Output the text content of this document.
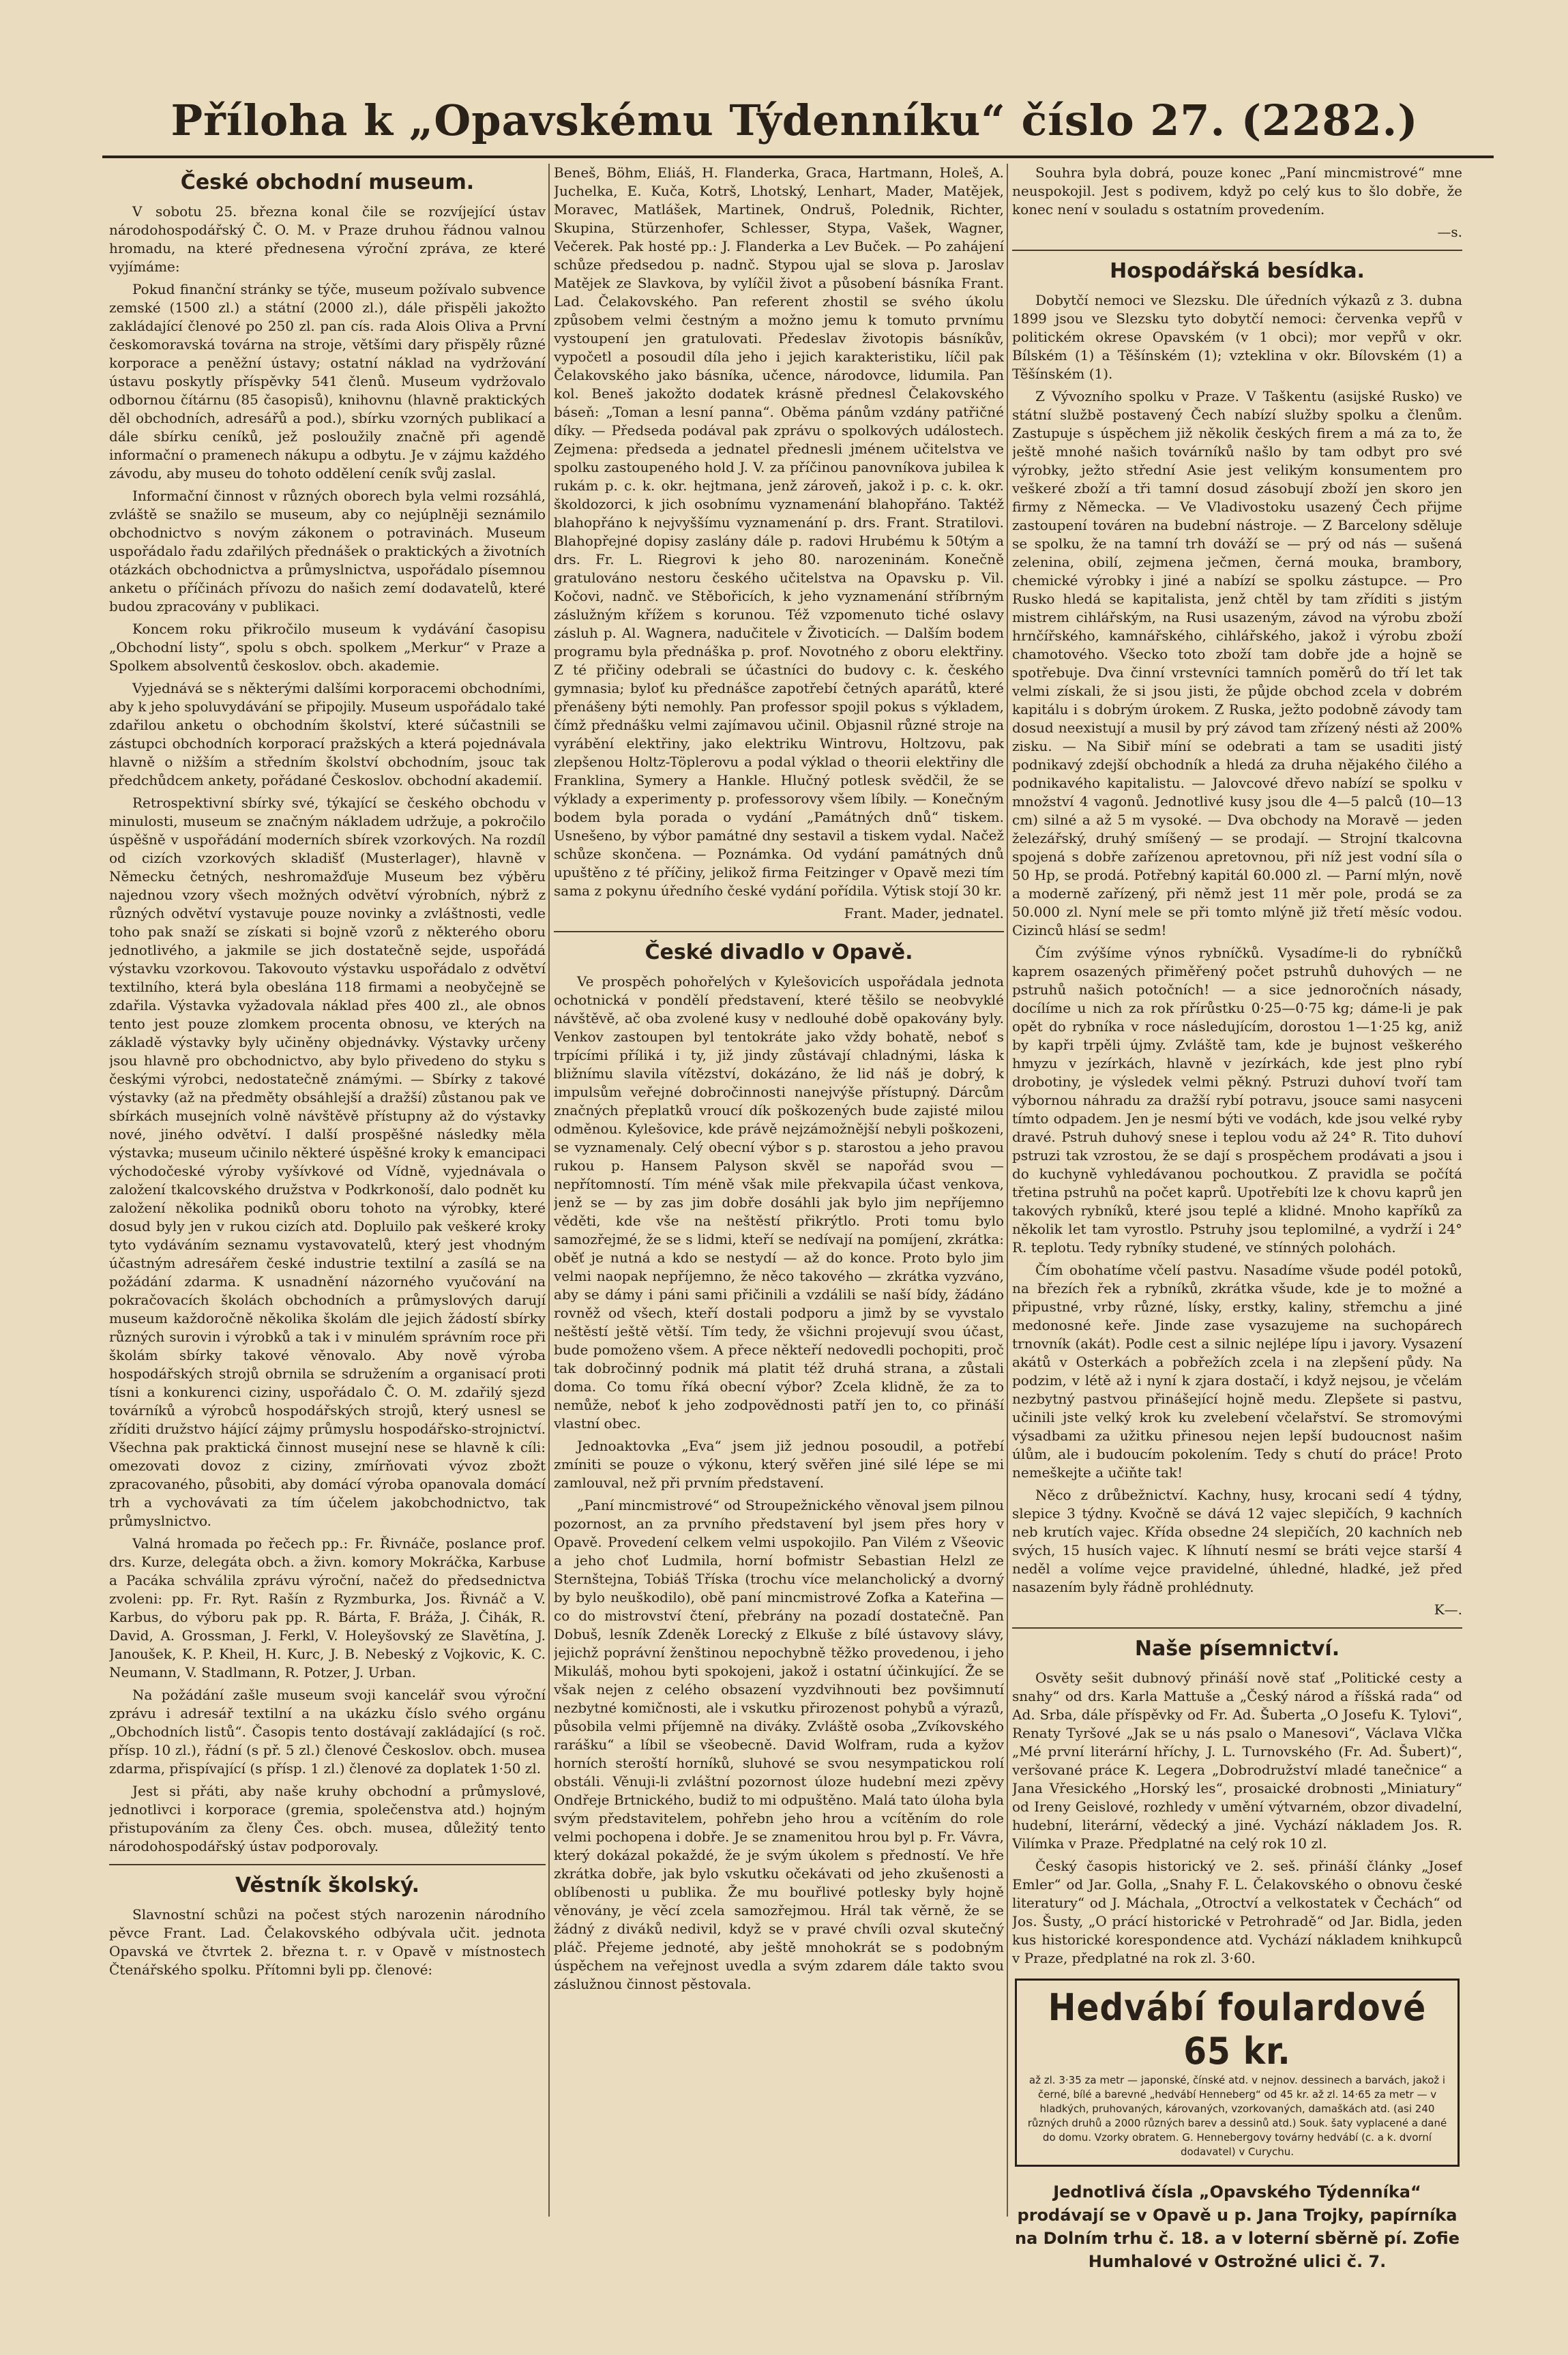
Příloha k „Opavskému Týdenníku“ číslo 27. (2282.)
České obchodní museum.

V sobotu 25. března konal čile se rozvíjející ústav národohospodářský Č. O. M. v Praze druhou řádnou valnou hromadu, na které přednesena výroční zpráva, ze které vyjímáme:

Pokud finanční stránky se týče, museum požívalo subvence zemské (1500 zl.) a státní (2000 zl.), dále přispěli jakožto zakládající členové po 250 zl. pan cís. rada Alois Oliva a První českomoravská továrna na stroje, většími dary přispěly různé korporace a peněžní ústavy; ostatní náklad na vydržování ústavu poskytly příspěvky 541 členů. Museum vydržovalo odbornou čítárnu (85 časopisů), knihovnu (hlavně praktických děl obchodních, adresářů a pod.), sbírku vzorných publikací a dále sbírku ceníků, jež posloužily značně při agendě informační o pramenech nákupu a odbytu. Je v zájmu každého závodu, aby museu do tohoto oddělení ceník svůj zaslal.

Informační činnost v různých oborech byla velmi rozsáhlá, zvláště se snažilo se museum, aby co nejúplněji seznámilo obchodnictvo s novým zákonem o potravinách. Museum uspořádalo řadu zdařilých přednášek o praktických a životních otázkách obchodnictva a průmyslnictva, uspořádalo písemnou anketu o příčinách přívozu do našich zemí dodavatelů, které budou zpracovány v publikaci.

Koncem roku přikročilo museum k vydávání časopisu „Obchodní listy“, spolu s obch. spolkem „Merkur“ v Praze a Spolkem absolventů českoslov. obch. akademie.

Vyjednává se s některými dalšími korporacemi obchodními, aby k jeho spoluvydávání se připojily. Museum uspořádalo také zdařilou anketu o obchodním školství, které súčastnili se zástupci obchodních korporací pražských a která pojednávala hlavně o nižším a středním školství obchodním, jsouc tak předchůdcem ankety, pořádané Českoslov. obchodní akademií.

Retrospektivní sbírky své, týkající se českého obchodu v minulosti, museum se značným nákladem udržuje, a pokročilo úspěšně v uspořádání moderních sbírek vzorkových. Na rozdíl od cizích vzorkových skladišť (Musterlager), hlavně v Německu četných, neshromažďuje Museum bez výběru najednou vzory všech možných odvětví výrobních, nýbrž z různých odvětví vystavuje pouze novinky a zvláštnosti, vedle toho pak snaží se získati si bojně vzorů z některého oboru jednotlivého, a jakmile se jich dostatečně sejde, uspořádá výstavku vzorkovou. Takovouto výstavku uspořádalo z odvětví textilního, která byla obeslána 118 firmami a neobyčejně se zdařila. Výstavka vyžadovala náklad přes 400 zl., ale obnos tento jest pouze zlomkem procenta obnosu, ve kterých na základě výstavky byly učiněny objednávky. Výstavky určeny jsou hlavně pro obchodnictvo, aby bylo přivedeno do styku s českými výrobci, nedostatečně známými. — Sbírky z takové výstavky (až na předměty obsáhlejší a dražší) zůstanou pak ve sbírkách musejních volně návštěvě přístupny až do výstavky nové, jiného odvětví. I další prospěšné následky měla výstavka; museum učinilo některé úspěšné kroky k emancipaci východočeské výroby vyšívkové od Vídně, vyjednávala o založení tkalcovského družstva v Podkrkonoší, dalo podnět ku založení několika podniků oboru tohoto na výrobky, které dosud byly jen v rukou cizích atd. Dopluilo pak veškeré kroky tyto vydáváním seznamu vystavovatelů, který jest vhodným účastným adresářem české industrie textilní a zasílá se na požádání zdarma. K usnadnění názorného vyučování na pokračovacích školách obchodních a průmyslových darují museum každoročně několika školám dle jejich žádostí sbírky různých surovin i výrobků a tak i v minulém správním roce při školám sbírky takové věnovalo. Aby nově výroba hospodářských strojů obrnila se sdružením a organisací proti tísni a konkurenci ciziny, uspořádalo Č. O. M. zdařilý sjezd továrníků a výrobců hospodářských strojů, který usnesl se zříditi družstvo hájící zájmy průmyslu hospodářsko-strojnictví. Všechna pak praktická činnost musejní nese se hlavně k cíli: omezovati dovoz z ciziny, zmírňovati vývoz zbožt zpracovaného, působiti, aby domácí výroba opanovala domácí trh a vychovávati za tím účelem jakobchodnictvo, tak průmyslnictvo.

Valná hromada po řečech pp.: Fr. Řivnáče, poslance prof. drs. Kurze, delegáta obch. a živn. komory Mokráčka, Karbuse a Pacáka schválila zprávu výroční, načež do předsednictva zvoleni: pp. Fr. Ryt. Rašín z Ryzmburka, Jos. Řivnáč a V. Karbus, do výboru pak pp. R. Bárta, F. Bráža, J. Čihák, R. David, A. Grossman, J. Ferkl, V. Holeyšovský ze Slavětína, J. Janoušek, K. P. Kheil, H. Kurc, J. B. Nebeský z Vojkovic, K. C. Neumann, V. Stadlmann, R. Potzer, J. Urban.

Na požádání zašle museum svoji kancelář svou výroční zprávu i adresář textilní a na ukázku číslo svého orgánu „Obchodních listů“. Časopis tento dostávají zakládající (s roč. přísp. 10 zl.), řádní (s př. 5 zl.) členové Českoslov. obch. musea zdarma, přispívající (s přísp. 1 zl.) členové za doplatek 1·50 zl.

Jest si přáti, aby naše kruhy obchodní a průmyslové, jednotlivci i korporace (gremia, společenstva atd.) hojným přistupováním za členy Čes. obch. musea, důležitý tento národohospodářský ústav podporovaly.

Věstník školský.

Slavnostní schůzi na počest stých narozenin národního pěvce Frant. Lad. Čelakovského odbývala učit. jednota Opavská ve čtvrtek 2. března t. r. v Opavě v místnostech Čtenářského spolku. Přítomni byli pp. členové:

Beneš, Böhm, Eliáš, H. Flanderka, Graca, Hartmann, Holeš, A. Juchelka, E. Kuča, Kotrš, Lhotský, Lenhart, Mader, Matějek, Moravec, Matlášek, Martinek, Ondruš, Polednik, Richter, Skupina, Stürzenhofer, Schlesser, Stypa, Vašek, Wagner, Večerek. Pak hosté pp.: J. Flanderka a Lev Buček. — Po zahájení schůze předsedou p. nadnč. Stypou ujal se slova p. Jaroslav Matějek ze Slavkova, by vylíčil život a působení básníka Frant. Lad. Čelakovského. Pan referent zhostil se svého úkolu způsobem velmi čestným a možno jemu k tomuto prvnímu vystoupení jen gratulovati. Předeslav životopis básníkův, vypočetl a posoudil díla jeho i jejich karakteristiku, líčil pak Čelakovského jako básníka, učence, národovce, lidumila. Pan kol. Beneš jakožto dodatek krásně přednesl Čelakovského báseň: „Toman a lesní panna“. Oběma pánům vzdány patřičné díky. — Předseda podával pak zprávu o spolkových událostech. Zejmena: předseda a jednatel přednesli jménem učitelstva ve spolku zastoupeného hold J. V. za příčinou panovníkova jubilea k rukám p. c. k. okr. hejtmana, jenž zároveň, jakož i p. c. k. okr. školdozorci, k jich osobnímu vyznamenání blahopřáno. Taktéž blahopřáno k nejvyššímu vyznamenání p. drs. Frant. Stratilovi. Blahopřejné dopisy zaslány dále p. radovi Hrubému k 50tým a drs. Fr. L. Riegrovi k jeho 80. narozeninám. Konečně gratulováno nestoru českého učitelstva na Opavsku p. Vil. Kočovi, nadnč. ve Stěbořicích, k jeho vyznamenání stříbrným záslužným křížem s korunou. Též vzpomenuto tiché oslavy zásluh p. Al. Wagnera, nadučitele v Životicích. — Dalším bodem programu byla přednáška p. prof. Novotného z oboru elektřiny. Z té přičiny odebrali se účastníci do budovy c. k. českého gymnasia; byloť ku přednášce zapotřebí četných aparátů, které přenášeny býti nemohly. Pan professor spojil pokus s výkladem, čímž přednášku velmi zajímavou učinil. Objasnil různé stroje na vyrábění elektřiny, jako elektriku Wintrovu, Holtzovu, pak zlepšenou Holtz-Töplerovu a podal výklad o theorii elektřiny dle Franklina, Symery a Hankle. Hlučný potlesk svědčil, že se výklady a experimenty p. professorovy všem líbily. — Konečným bodem byla porada o vydání „Památných dnů“ tiskem. Usnešeno, by výbor památné dny sestavil a tiskem vydal. Načež schůze skončena. — Poznámka. Od vydání památných dnů upuštěno z té příčiny, jelikož firma Feitzinger v Opavě mezi tím sama z pokynu úředního české vydání pořídila. Výtisk stojí 30 kr.

Frant. Mader, jednatel.
České divadlo v Opavě.

Ve prospěch pohořelých v Kylešovicích uspořádala jednota ochotnická v pondělí představení, které těšilo se neobvyklé návštěvě, ač oba zvolené kusy v nedlouhé době opakovány byly. Venkov zastoupen byl tentokráte jako vždy bohatě, neboť s trpícími příliká i ty, již jindy zůstávají chladnými, láska k bližnímu slavila vítězství, dokázáno, že lid náš je dobrý, k impulsům veřejné dobročinnosti nanejvýše přístupný. Dárcům značných přeplatků vroucí dík poškozených bude zajisté milou odměnou. Kylešovice, kde právě nejzámožnější nebyli poškozeni, se vyznamenaly. Celý obecní výbor s p. starostou a jeho pravou rukou p. Hansem Palyson skvěl se napořád svou — nepřítomností. Tím méně však mile překvapila účast venkova, jenž se — by zas jim dobře dosáhli jak bylo jim nepříjemno věděti, kde vše na neštěstí přikrýtlo. Proti tomu bylo samozřejmé, že se s lidmi, kteří se nedívají na pomíjení, zkrátka: oběť je nutná a kdo se nestydí — až do konce. Proto bylo jim velmi naopak nepříjemno, že něco takového — zkrátka vyzváno, aby se dámy i páni sami přičinili a vzdálili se naší bídy, žádáno rovněž od všech, kteří dostali podporu a jimž by se vyvstalo neštěstí ještě větší. Tím tedy, že všichni projevují svou účast, bude pomoženo všem. A přece někteří nedovedli pochopiti, proč tak dobročinný podnik má platit též druhá strana, a zůstali doma. Co tomu říká obecní výbor? Zcela klidně, že za to nemůže, neboť k jeho zodpovědnosti patří jen to, co přináší vlastní obec.

Jednoaktovka „Eva“ jsem již jednou posoudil, a potřebí zmíniti se pouze o výkonu, který svěřen jiné silé lépe se mi zamlouval, než při prvním představení.

„Paní mincmistrové“ od Stroupežnického věnoval jsem pilnou pozornost, an za prvního představení byl jsem přes hory v Opavě. Provedení celkem velmi uspokojilo. Pan Vilém z Všeovic a jeho choť Ludmila, horní bofmistr Sebastian Helzl ze Sternštejna, Tobiáš Tříska (trochu více melancholický a dvorný by bylo neuškodilo), obě paní mincmistrové Zofka a Kateřina — co do mistrovství čtení, přebrány na pozadí dostatečně. Pan Dobuš, lesník Zdeněk Lorecký z Elkuše z bílé ústavovy slávy, jejichž poprávní ženštinou nepochybně těžko provedenou, i jeho Mikuláš, mohou byti spokojeni, jakož i ostatní účinkující. Že se však nejen z celého obsazení vyzdvihnouti bez povšimnutí nezbytné komičnosti, ale i vskutku přirozenost pohybů a výrazů, působila velmi příjemně na diváky. Zvláště osoba „Zvíkovského rarášku“ a líbil se všeobecně. David Wolfram, ruda a kyžov horních steroští horníků, sluhové se svou nesympatickou rolí obstáli. Věnuji-li zvláštní pozornost úloze hudební mezi zpěvy Ondřeje Brtnického, budiž to mi odpuštěno. Malá tato úloha byla svým představitelem, pohřebn jeho hrou a vcítěním do role velmi pochopena i dobře. Je se znamenitou hrou byl p. Fr. Vávra, který dokázal pokaždé, že je svým úkolem s předností. Ve hře zkrátka dobře, jak bylo vskutku očekávati od jeho zkušenosti a oblíbenosti u publika. Že mu bouřlivé potlesky byly hojně věnovány, je věcí zcela samozřejmou. Hrál tak věrně, že se žádný z diváků nedivil, když se v pravé chvíli ozval skutečný pláč. Přejeme jednoté, aby ještě mnohokrát se s podobným úspěchem na veřejnost uvedla a svým zdarem dále takto svou záslužnou činnost pěstovala.

Souhra byla dobrá, pouze konec „Paní mincmistrové“ mne neuspokojil. Jest s podivem, když po celý kus to šlo dobře, že konec není v souladu s ostatním provedením.

—s.
Hospodářská besídka.

Dobytčí nemoci ve Slezsku. Dle úředních výkazů z 3. dubna 1899 jsou ve Slezsku tyto dobytčí nemoci: červenka vepřů v politickém okrese Opavském (v 1 obci); mor vepřů v okr. Bílském (1) a Těšínském (1); vzteklina v okr. Bílovském (1) a Těšínském (1).

Z Vývozního spolku v Praze. V Taškentu (asijské Rusko) ve státní službě postavený Čech nabízí služby spolku a členům. Zastupuje s úspěchem již několik českých firem a má za to, že ještě mnohé našich továrníků našlo by tam odbyt pro své výrobky, ježto střední Asie jest velikým konsumentem pro veškeré zboží a tři tamní dosud zásobují zboží jen skoro jen firmy z Německa. — Ve Vladivostoku usazený Čech přijme zastoupení továren na budební nástroje. — Z Barcelony sděluje se spolku, že na tamní trh dováží se — prý od nás — sušená zelenina, obilí, zejmena ječmen, černá mouka, brambory, chemické výrobky i jiné a nabízí se spolku zástupce. — Pro Rusko hledá se kapitalista, jenž chtěl by tam zříditi s jistým mistrem cihlářským, na Rusi usazeným, závod na výrobu zboží hrnčířského, kamnářského, cihlářského, jakož i výrobu zboží chamotového. Všecko toto zboží tam dobře jde a hojně se spotřebuje. Dva činní vrstevníci tamních poměrů do tří let tak velmi získali, že si jsou jisti, že půjde obchod zcela v dobrém kapitálu i s dobrým úrokem. Z Ruska, ježto podobně závody tam dosud neexistují a musil by prý závod tam zřízený nésti až 200% zisku. — Na Sibiř míní se odebrati a tam se usaditi jistý podnikavý zdejší obchodník a hledá za druha nějakého čilého a podnikavého kapitalistu. — Jalovcové dřevo nabízí se spolku v množství 4 vagonů. Jednotlivé kusy jsou dle 4—5 palců (10—13 cm) silné a až 5 m vysoké. — Dva obchody na Moravě — jeden železářský, druhý smíšený — se prodají. — Strojní tkalcovna spojená s dobře zařízenou apretovnou, při níž jest vodní síla o 50 Hp, se prodá. Potřebný kapitál 60.000 zl. — Parní mlýn, nově a moderně zařízený, při němž jest 11 měr pole, prodá se za 50.000 zl. Nyní mele se při tomto mlýně již třetí měsíc vodou. Cizinců hlásí se sedm!

Čím zvýšíme výnos rybníčků. Vysadíme-li do rybníčků kaprem osazených přiměřený počet pstruhů duhových — ne pstruhů našich potočních! — a sice jednoročních násady, docílíme u nich za rok přírůstku 0·25—0·75 kg; dáme-li je pak opět do rybníka v roce následujícím, dorostou 1—1·25 kg, aniž by kapři trpěli újmy. Zvláště tam, kde je bujnost veškerého hmyzu v jezírkách, hlavně v jezírkách, kde jest plno rybí drobotiny, je výsledek velmi pěkný. Pstruzi duhoví tvoří tam výbornou náhradu za dražší rybí potravu, jsouce sami nasyceni tímto odpadem. Jen je nesmí býti ve vodách, kde jsou velké ryby dravé. Pstruh duhový snese i teplou vodu až 24° R. Tito duhoví pstruzi tak vzrostou, že se dají s prospěchem prodávati a jsou i do kuchyně vyhledávanou pochoutkou. Z pravidla se počítá třetina pstruhů na počet kaprů. Upotřebíti lze k chovu kaprů jen takových rybníků, které jsou teplé a klidné. Mnoho kapříků za několik let tam vyrostlo. Pstruhy jsou teplomilné, a vydrží i 24° R. teplotu. Tedy rybníky studené, ve stínných polohách.

Čím obohatíme včelí pastvu. Nasadíme všude podél potoků, na březích řek a rybníků, zkrátka všude, kde je to možné a připustné, vrby různé, lísky, erstky, kaliny, střemchu a jiné medonosné keře. Jinde zase vysazujeme na suchopárech trnovník (akát). Podle cest a silnic nejlépe lípu i javory. Vysazení akátů v Osterkách a pobřežích zcela i na zlepšení půdy. Na podzim, v létě až i nyní k zjara dostačí, i když nejsou, je včelám nezbytný pastvou přinášející hojně medu. Zlepšete si pastvu, učinili jste velký krok ku zvelebení včelařství. Se stromovými výsadbami za užitku přinesou nejen lepší budoucnost našim úlům, ale i budoucím pokolením. Tedy s chutí do práce! Proto nemeškejte a učiňte tak!

Něco z drůbežnictví. Kachny, husy, krocani sedí 4 týdny, slepice 3 týdny. Kvočně se dává 12 vajec slepičích, 9 kachních neb krutích vajec. Křída obsedne 24 slepičích, 20 kachních neb svých, 15 husích vajec. K líhnutí nesmí se bráti vejce starší 4 neděl a volíme vejce pravidelné, úhledné, hladké, jež před nasazením byly řádně prohlédnuty.

K—.
Naše písemnictví.

Osvěty sešit dubnový přináší nově stať „Politické cesty a snahy“ od drs. Karla Mattuše a „Český národ a říšská rada“ od Ad. Srba, dále příspěvky od Fr. Ad. Šuberta „O Josefu K. Tylovi“, Renaty Tyršové „Jak se u nás psalo o Manesovi“, Václava Vlčka „Mé první literární hříchy, J. L. Turnovského (Fr. Ad. Šubert)“, veršované práce K. Legera „Dobrodružství mladé tanečnice“ a Jana Vřesického „Horský les“, prosaické drobnosti „Miniatury“ od Ireny Geislové, rozhledy v umění výtvarném, obzor divadelní, hudební, literární, vědecký a jiné. Vychází nákladem Jos. R. Vilímka v Praze. Předplatné na celý rok 10 zl.

Český časopis historický ve 2. seš. přináší články „Josef Emler“ od Jar. Golla, „Snahy F. L. Čelakovského o obnovu české literatury“ od J. Máchala, „Otroctví a velkostatek v Čechách“ od Jos. Šusty, „O prácí historické v Petrohradě“ od Jar. Bidla, jeden kus historické korespondence atd. Vychází nákladem knihkupců v Praze, předplatné na rok zl. 3·60.

Hedvábí foulardové 65 kr.
až zl. 3·35 za metr — japonské, čínské atd. v nejnov. dessinech a barvách, jakož i černé, bílé a barevné „hedvábí Henneberg“ od 45 kr. až zl. 14·65 za metr — v hladkých, pruhovaných, károvaných, vzorkovaných, damaškách atd. (asi 240 různých druhů a 2000 různých barev a dessinů atd.) Souk. šaty vyplacené a dané do domu. Vzorky obratem. G. Hennebergovy továrny hedvábí (c. a k. dvorní dodavatel) v Curychu.
Jednotlivá čísla „Opavského Týdenníka“ prodávají se v Opavě u p. Jana Trojky, papírníka na Dolním trhu č. 18. a v loterní sběrně pí. Zofie Humhalové v Ostrožné ulici č. 7.
